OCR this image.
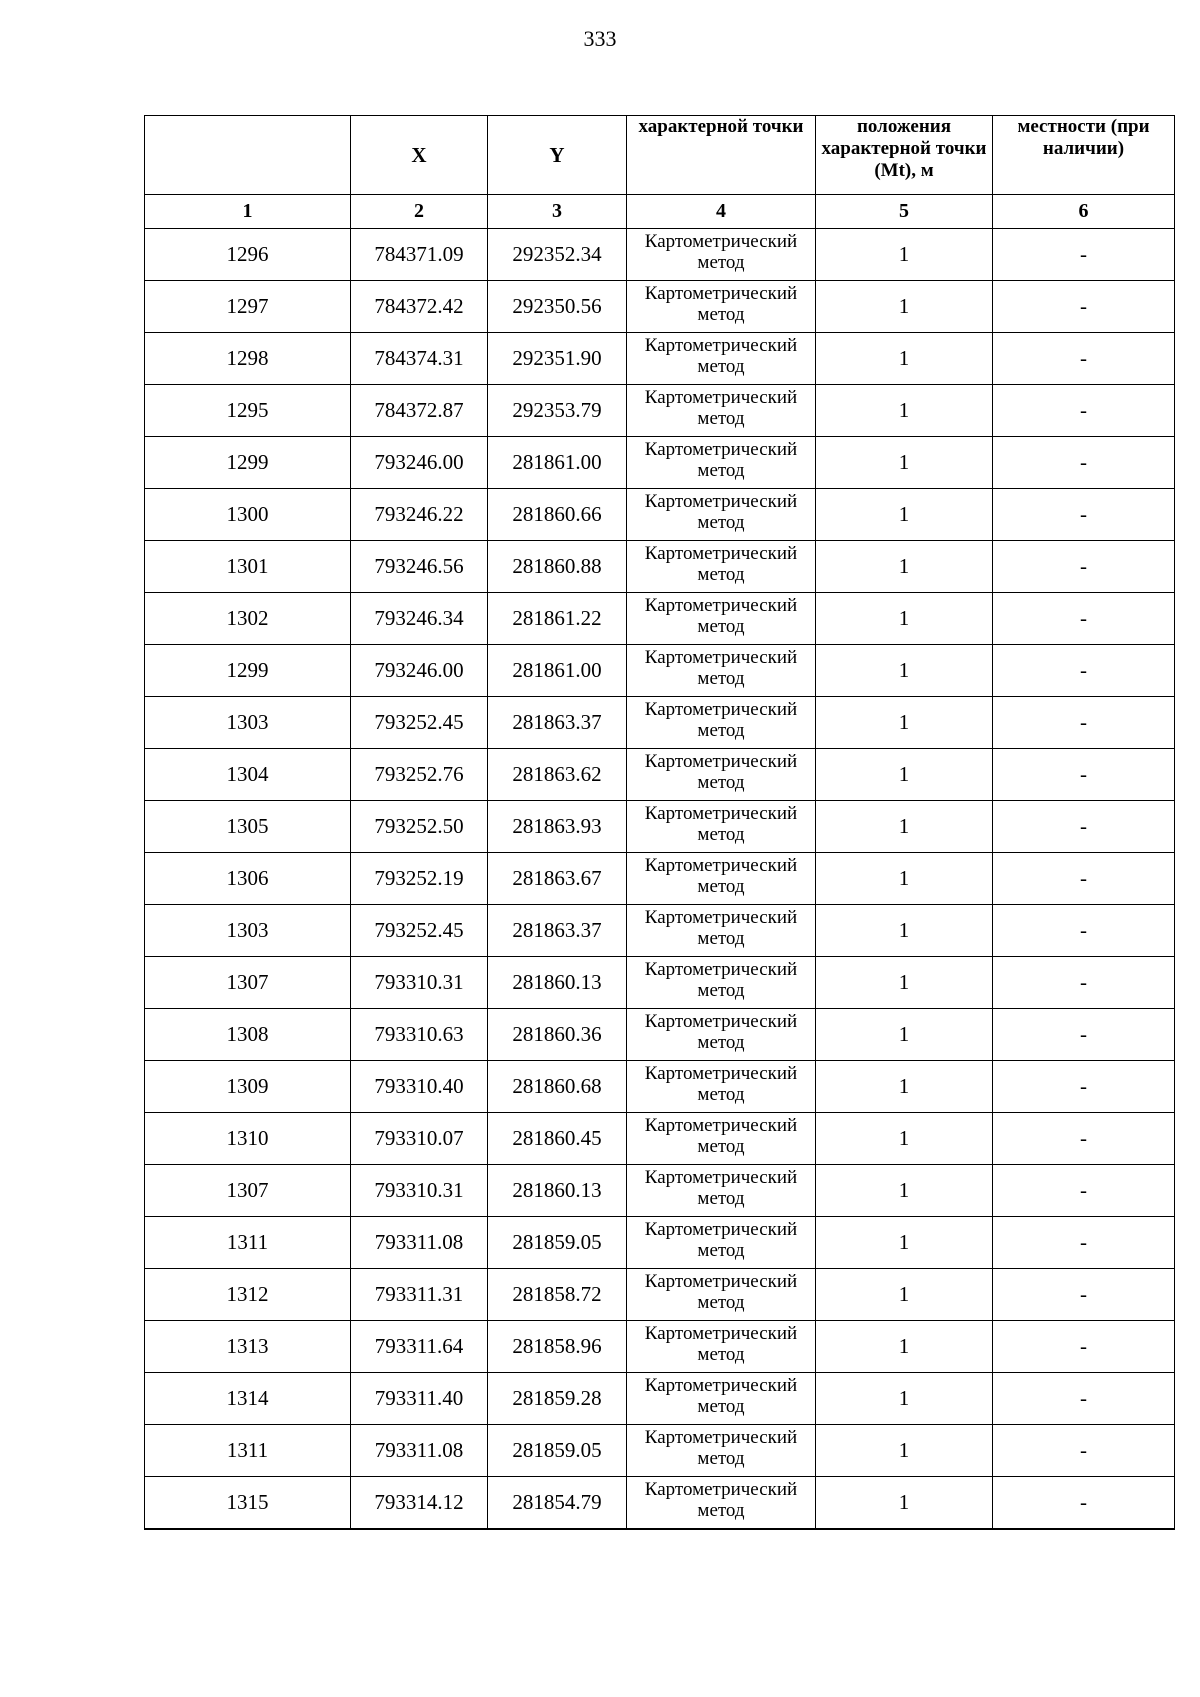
333
	X	Y	характерной точки	положения характерной точки (Mt), м	местности (при наличии)
1	2	3	4	5	6
1296	784371.09	292352.34	Картометрический метод	1	-
1297	784372.42	292350.56	Картометрический метод	1	-
1298	784374.31	292351.90	Картометрический метод	1	-
1295	784372.87	292353.79	Картометрический метод	1	-
1299	793246.00	281861.00	Картометрический метод	1	-
1300	793246.22	281860.66	Картометрический метод	1	-
1301	793246.56	281860.88	Картометрический метод	1	-
1302	793246.34	281861.22	Картометрический метод	1	-
1299	793246.00	281861.00	Картометрический метод	1	-
1303	793252.45	281863.37	Картометрический метод	1	-
1304	793252.76	281863.62	Картометрический метод	1	-
1305	793252.50	281863.93	Картометрический метод	1	-
1306	793252.19	281863.67	Картометрический метод	1	-
1303	793252.45	281863.37	Картометрический метод	1	-
1307	793310.31	281860.13	Картометрический метод	1	-
1308	793310.63	281860.36	Картометрический метод	1	-
1309	793310.40	281860.68	Картометрический метод	1	-
1310	793310.07	281860.45	Картометрический метод	1	-
1307	793310.31	281860.13	Картометрический метод	1	-
1311	793311.08	281859.05	Картометрический метод	1	-
1312	793311.31	281858.72	Картометрический метод	1	-
1313	793311.64	281858.96	Картометрический метод	1	-
1314	793311.40	281859.28	Картометрический метод	1	-
1311	793311.08	281859.05	Картометрический метод	1	-
1315	793314.12	281854.79	Картометрический метод	1	-
